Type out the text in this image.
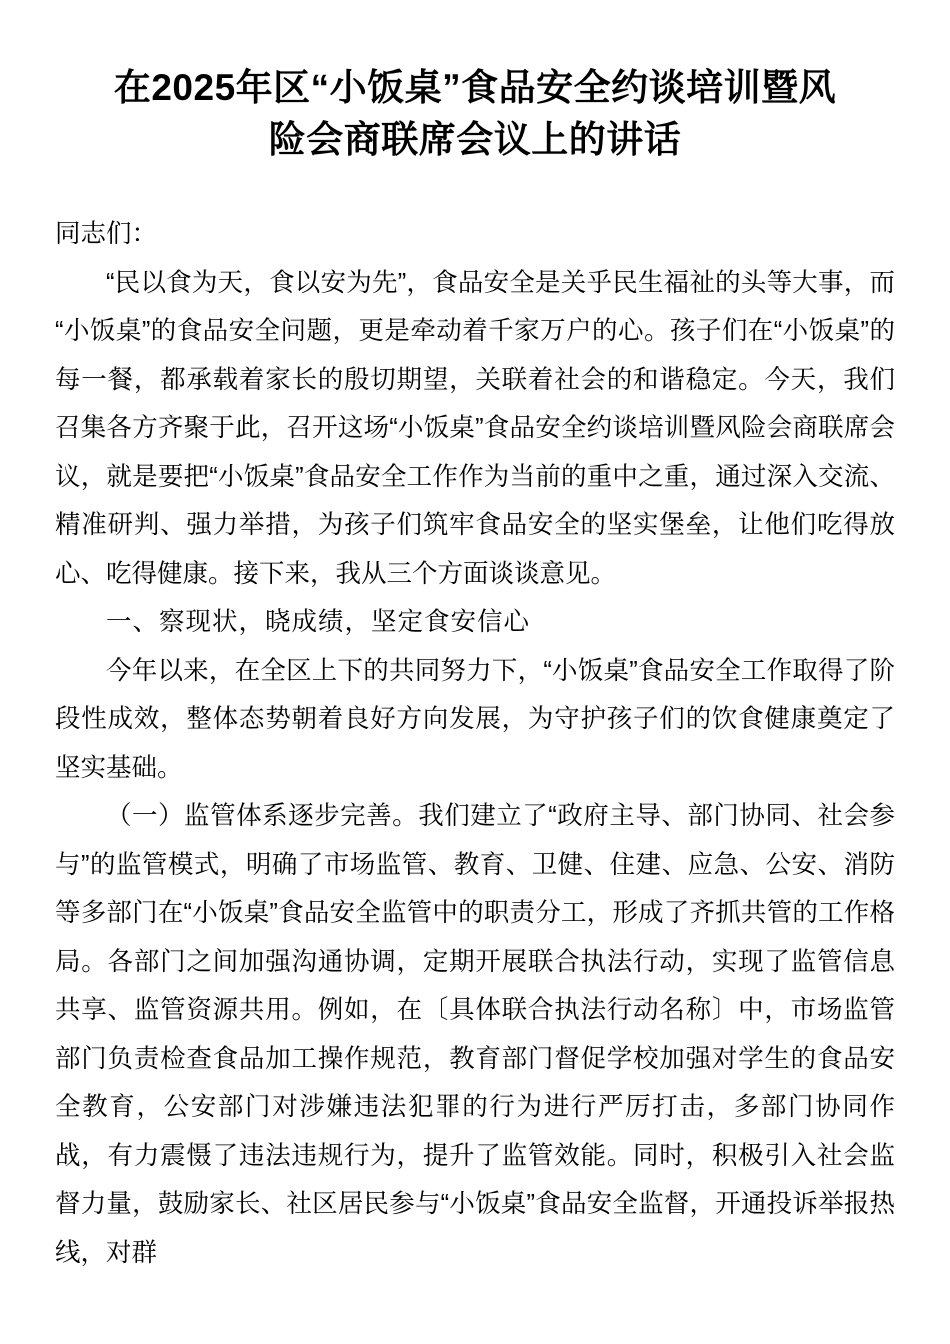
在2025年区“小饭桌”食品安全约谈培训暨风险会商联席会议上的讲话

同志们：

“民以食为天，食以安为先”，食品安全是关乎民生福祉的头等大事，而“小饭桌”的食品安全问题，更是牵动着千家万户的心。孩子们在“小饭桌”的每一餐，都承载着家长的殷切期望，关联着社会的和谐稳定。今天，我们召集各方齐聚于此，召开这场“小饭桌”食品安全约谈培训暨风险会商联席会议，就是要把“小饭桌”食品安全工作作为当前的重中之重，通过深入交流、精准研判、强力举措，为孩子们筑牢食品安全的坚实堡垒，让他们吃得放心、吃得健康。接下来，我从三个方面谈谈意见。

一、察现状，晓成绩，坚定食安信心

今年以来，在全区上下的共同努力下，“小饭桌”食品安全工作取得了阶段性成效，整体态势朝着良好方向发展，为守护孩子们的饮食健康奠定了坚实基础。

（一）监管体系逐步完善。我们建立了“政府主导、部门协同、社会参与”的监管模式，明确了市场监管、教育、卫健、住建、应急、公安、消防等多部门在“小饭桌”食品安全监管中的职责分工，形成了齐抓共管的工作格局。各部门之间加强沟通协调，定期开展联合执法行动，实现了监管信息共享、监管资源共用。例如，在〔具体联合执法行动名称〕中，市场监管部门负责检查食品加工操作规范，教育部门督促学校加强对学生的食品安全教育，公安部门对涉嫌违法犯罪的行为进行严厉打击，多部门协同作战，有力震慑了违法违规行为，提升了监管效能。同时，积极引入社会监督力量，鼓励家长、社区居民参与“小饭桌”食品安全监督，开通投诉举报热线，对群
